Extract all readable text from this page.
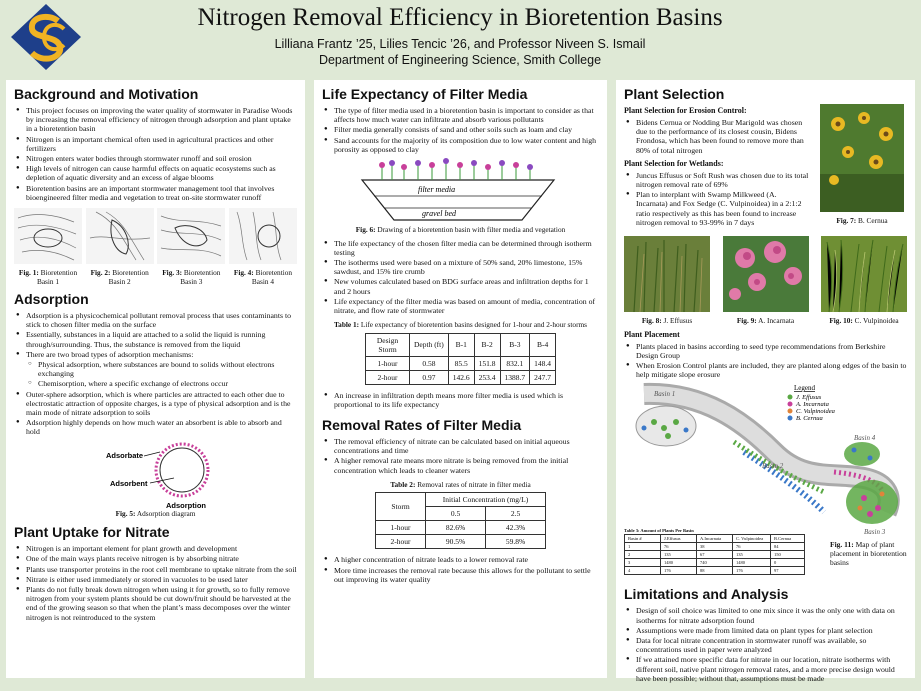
Nitrogen Removal Efficiency in Bioretention Basins
Lilliana Frantz ’25, Lilies Tencic ’26, and Professor Niveen S. Ismail
Department of Engineering Science, Smith College
Background and Motivation
● This project focuses on improving the water quality of stormwater in Paradise Woods by increasing the removal efficiency of nitrogen through adsorption and plant uptake in a bioretention basin
● Nitrogen is an important chemical often used in agricultural practices and other fertilizers
● Nitrogen enters water bodies through stormwater runoff and soil erosion
● High levels of nitrogen can cause harmful effects on aquatic ecosystems such as depletion of aquatic diversity and an excess of algae blooms
● Bioretention basins are an important stormwater management tool that involves bioengineered filter media and vegetation to treat on-site stormwater runoff
Fig. 1: Bioretention Basin 1
Fig. 2: Bioretention Basin 2
Fig. 3: Bioretention Basin 3
Fig. 4: Bioretention Basin 4
Adsorption
● Adsorption is a physicochemical pollutant removal process that uses contaminants to stick to chosen filter media on the surface
● Essentially, substances in a liquid are attached to a solid the liquid is running through/surrounding. Thus, the substance is removed from the liquid
● There are two broad types of adsorption mechanisms:
○ Physical adsorption, where substances are bound to solids without electrons exchanging
○ Chemisorption, where a specific exchange of electrons occur
● Outer-sphere adsorption, which is where particles are attracted to each other due to electrostatic attraction of opposite charges, is a type of physical adsorption and is the main mode of nitrate adsorption to soils
● Adsorption highly depends on how much water an absorbent is able to absorb and hold
Adsorbate
Adsorbent
Adsorption
Fig. 5: Adsorption diagram
Plant Uptake for Nitrate
● Nitrogen is an important element for plant growth and development
● One of the main ways plants receive nitrogen is by absorbing nitrate
● Plants use transporter proteins in the root cell membrane to uptake nitrate from the soil
● Nitrate is either used immediately or stored in vacuoles to be used later
● Plants do not fully break down nitrogen when using it for growth, so to fully remove nitrogen from your system plants should be cut down/fruit should be harvested at the end of the growing season so that when the plant’s mass decomposes over the winter nitrogen is not reintroduced to the system
Life Expectancy of Filter Media
● The type of filter media used in a bioretention basin is important to consider as that affects how much water can infiltrate and absorb various pollutants
● Filter media generally consists of sand and other soils such as loam and clay
● Sand accounts for the majority of its composition due to low water content and high porosity as opposed to clay
filter media
gravel bed
Fig. 6: Drawing of a bioretention basin with filter media and vegetation
● The life expectancy of the chosen filter media can be determined through isotherm testing
● The isotherms used were based on a mixture of 50% sand, 20% limestone, 15% sawdust, and 15% tire crumb
● New volumes calculated based on BDG surface areas and infiltration depths for 1 and 2 hours
● Life expectancy of the filter media was based on amount of media, concentration of nitrate, and flow rate of stormwater
Table 1: Life expectancy of bioretention basins designed for 1-hour and 2-hour storms
Design Storm	Depth (ft)	B-1	B-2	B-3	B-4
1-hour	0.58	85.5	151.8	832.1	148.4
2-hour	0.97	142.6	253.4	1388.7	247.7
● An increase in infiltration depth means more filter media is used which is proportional to its life expectancy
Removal Rates of Filter Media
● The removal efficiency of nitrate can be calculated based on initial aqueous concentrations and time
● A higher removal rate means more nitrate is being removed from the initial concentration which leads to cleaner waters
Table 2: Removal rates of nitrate in filter media
Storm	Initial Concentration (mg/L)	
	0.5	2.5
1-hour	82.6%	42.3%
2-hour	90.5%	59.8%
● A higher concentration of nitrate leads to a lower removal rate
● More time increases the removal rate because this allows for the pollutant to settle out improving its water quality
Plant Selection
Plant Selection for Erosion Control:
● Bidens Cernua or Nodding Bur Marigold was chosen due to the performance of its closest cousin, Bidens Frondosa, which has been found to remove more than 80% of total nitrogen
Plant Selection for Wetlands:
● Juncus Effusus or Soft Rush was chosen due to its total nitrogen removal rate of 69%
● Plan to interplant with Swamp Milkweed (A. Incarnata) and Fox Sedge (C. Vulpinoidea) in a 2:1:2 ratio respectively as this has been found to increase nitrogen removal to 93-99% in 7 days	Fig. 7: B. Cernua
Fig. 8: J. Effusus	Fig. 9: A. Incarnata	Fig. 10: C. Vulpinoidea
Plant Placement
● Plants placed in basins according to seed type recommendations from Berkshire Design Group
● When Erosion Control plants are included, they are planted along edges of the basin to help mitigate slope erosure
Basin 1
Basin 2
Basin 3
Basin 4
Legend
J. Effusus
A. Incarnata
C. Vulpinoidea
B. Cernua
Table 3: Amount of Plants Per Basin
Basin #	J.Effusus	A.Incarnata	C. Vulpinoidea	B.Cernua
1	76	38	76	84
2	135	67	135	150
3	1480	740	1480	0
4	176	88	176	97
Fig. 11: Map of plant placement in bioretention basins
Limitations and Analysis
● Design of soil choice was limited to one mix since it was the only one with data on isotherms for nitrate adsorption found
● Assumptions were made from limited data on plant types for plant selection
● Data for local nitrate concentration in stormwater runoff was available, so concentrations used in paper were analyzed
● If we attained more specific data for nitrate in our location, nitrate isotherms with different soil, native plant nitrogen removal rates, and a more precise design would have been possible; without that, assumptions must be made
